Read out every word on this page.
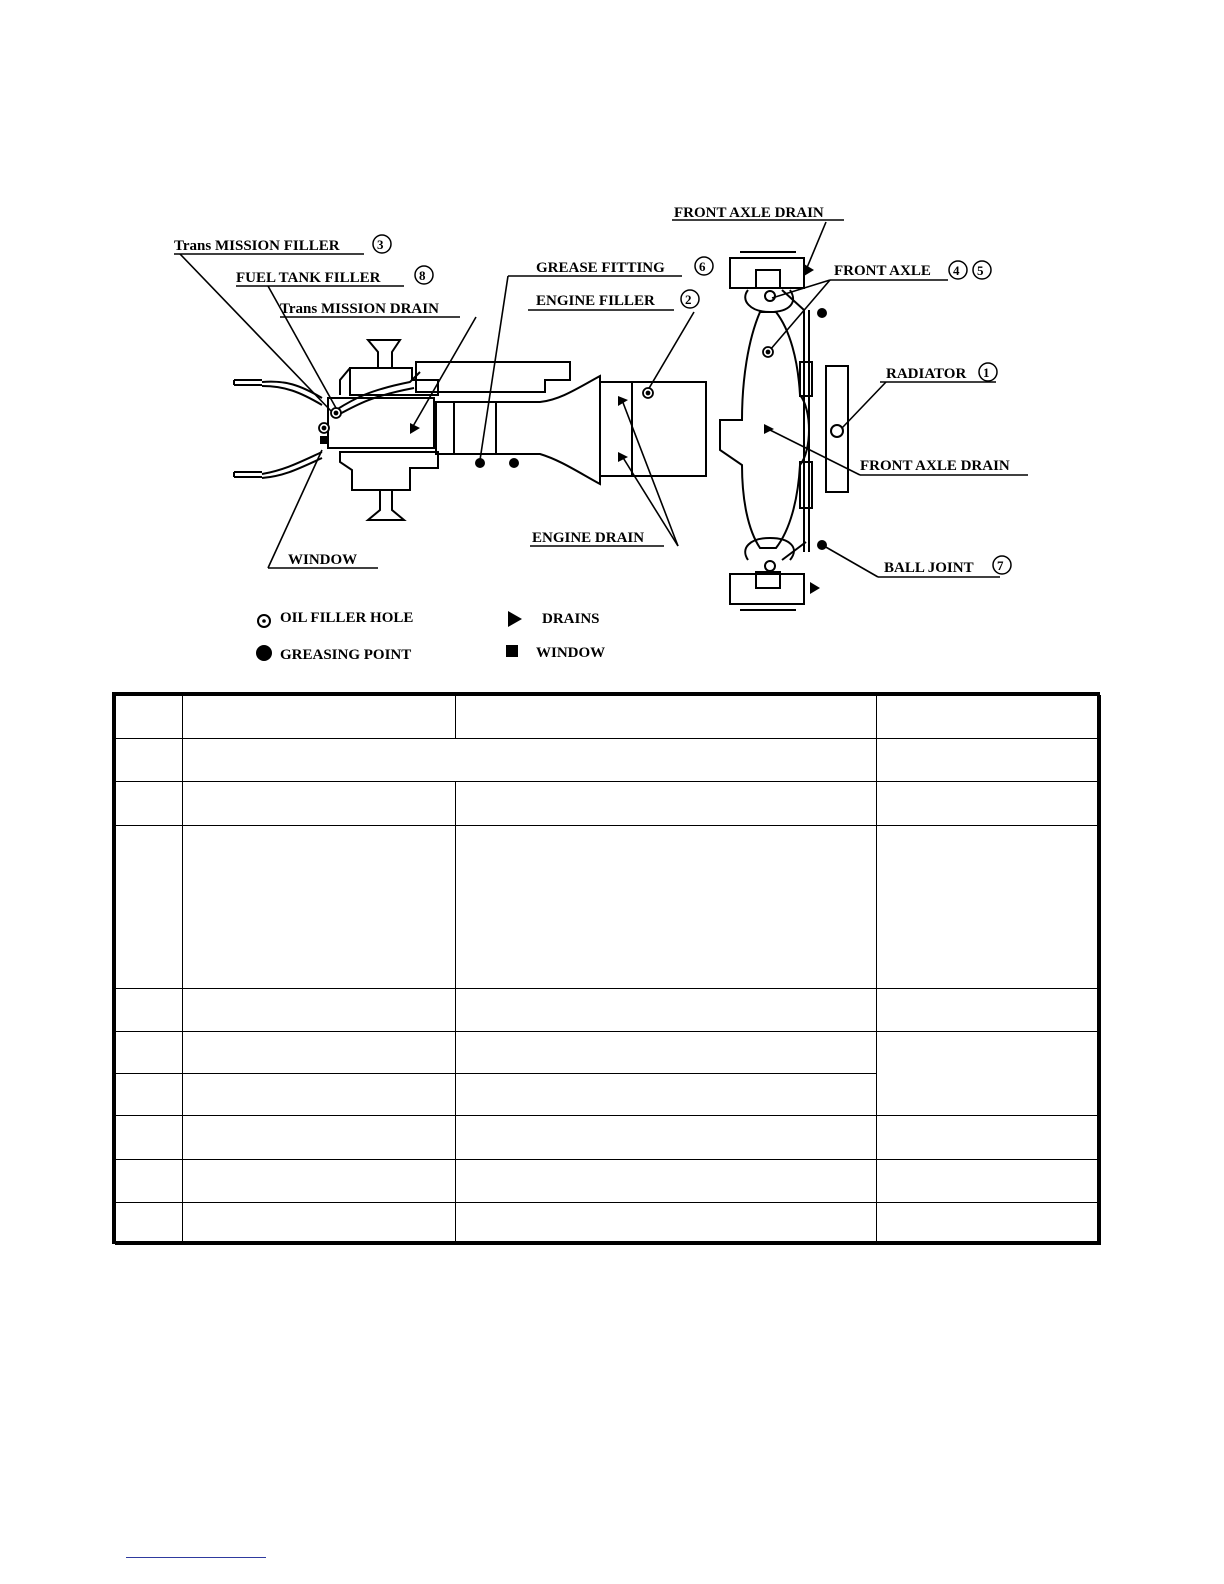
Trans MISSION FILLER	3
FUEL TANK FILLER	8
Trans MISSION DRAIN
GREASE FITTING	6
ENGINE FILLER 2
FRONT AXLE DRAIN
FRONT AXLE 4 5
RADIATOR 1
FRONT AXLE DRAIN
ENGINE DRAIN
WINDOW	BALL JOINT 7
OIL FILLER HOLE	DRAINS
GREASING POINT	WINDOW
